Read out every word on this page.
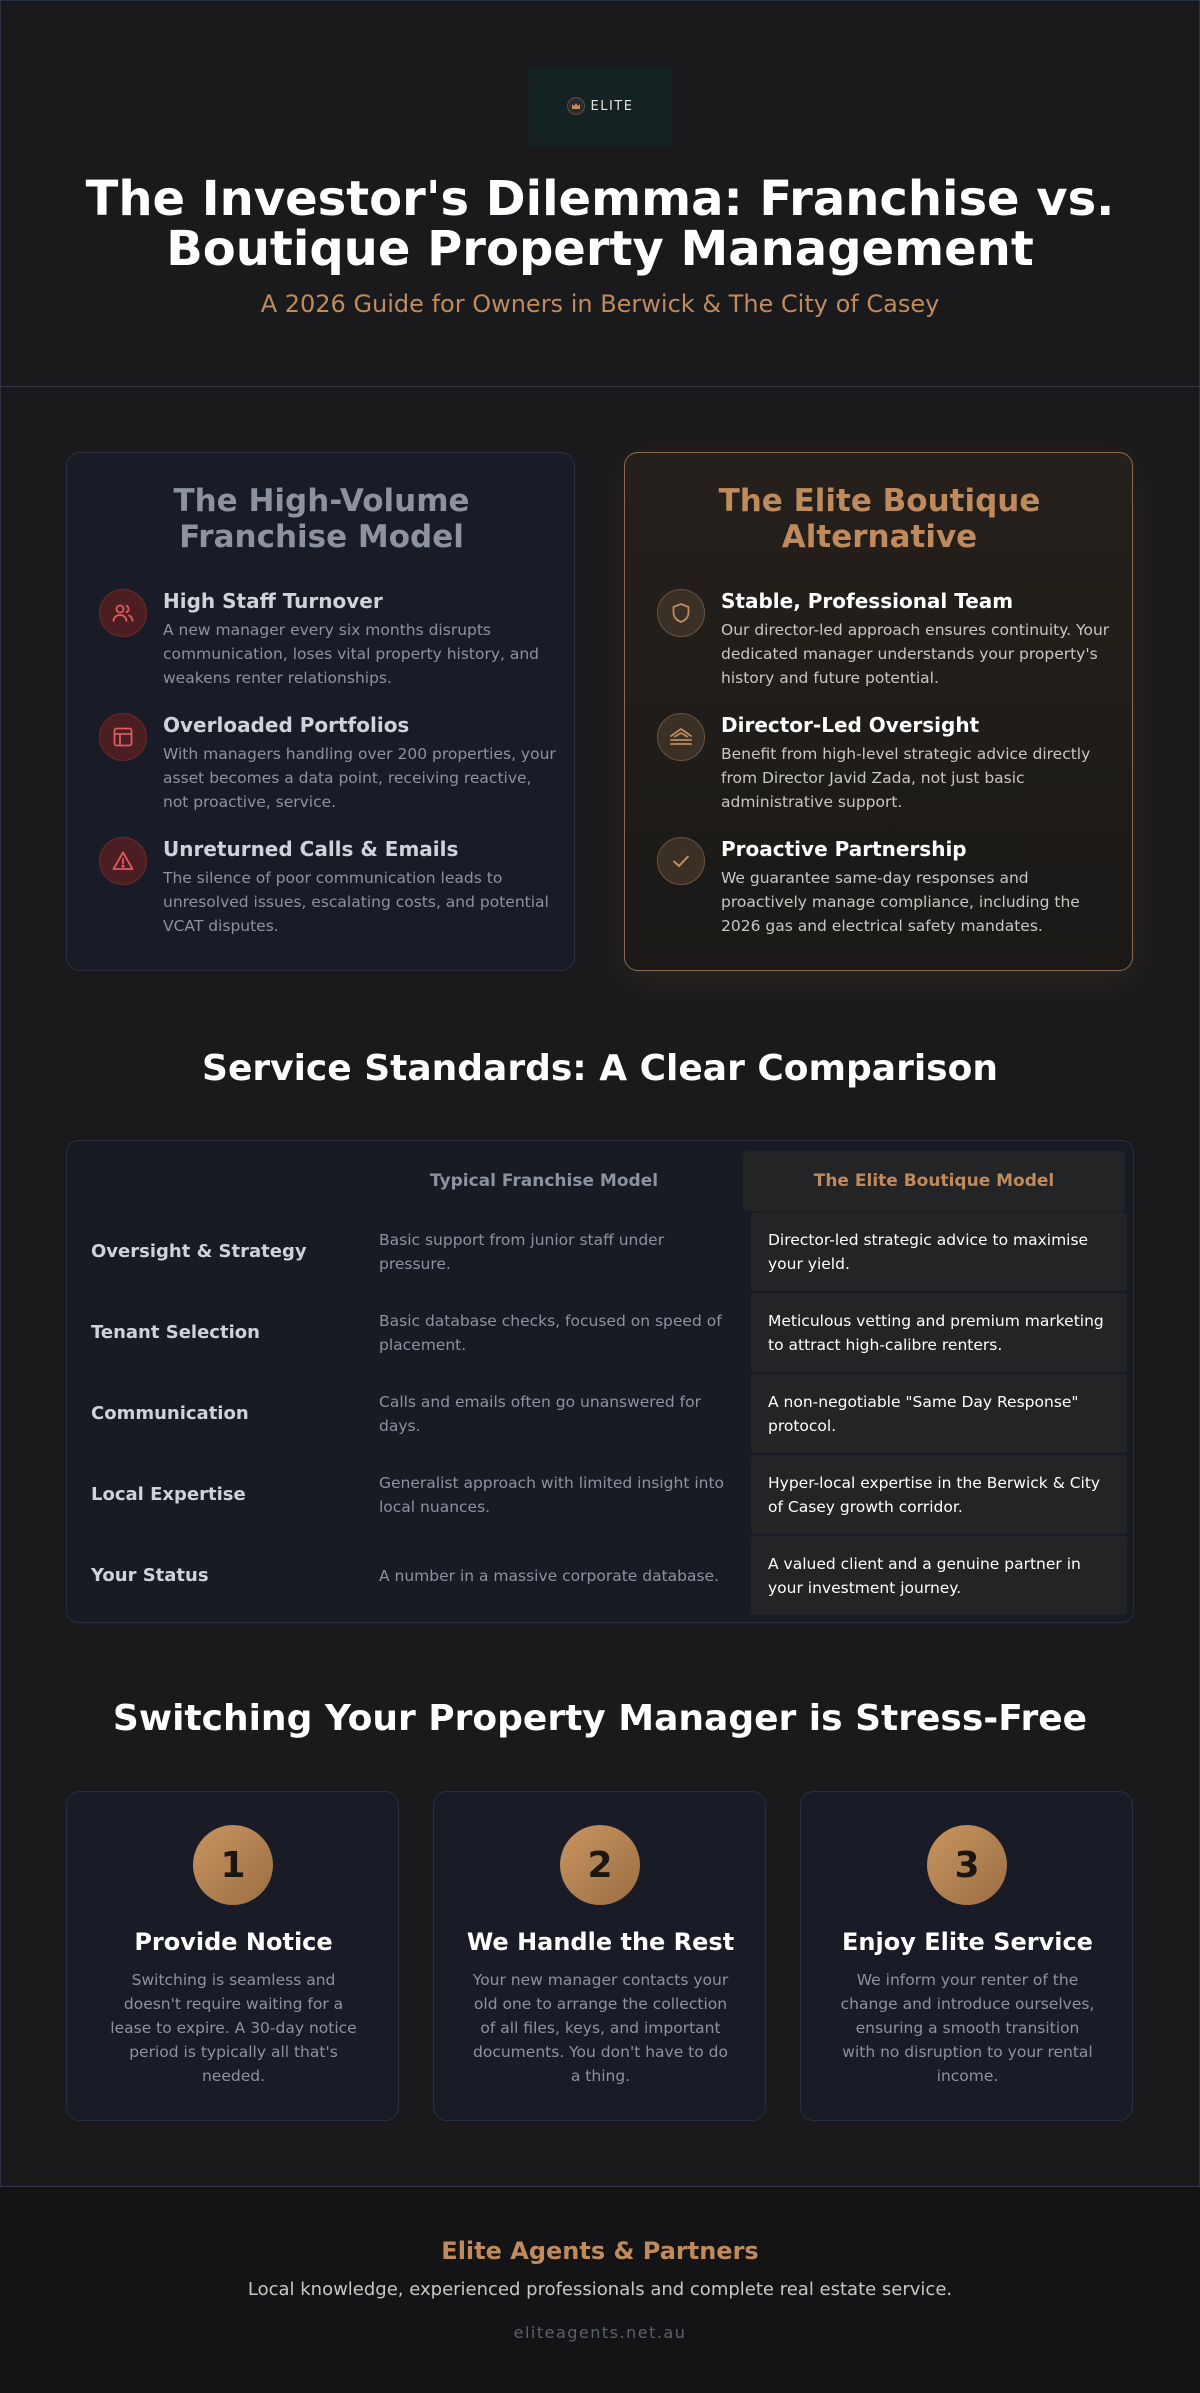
ELITE
The Investor's Dilemma: Franchise vs. Boutique Property Management
A 2026 Guide for Owners in Berwick & The City of Casey
The High-Volume Franchise Model
High Staff Turnover
A new manager every six months disrupts communication, loses vital property history, and weakens renter relationships.
Overloaded Portfolios
With managers handling over 200 properties, your asset becomes a data point, receiving reactive, not proactive, service.
Unreturned Calls & Emails
The silence of poor communication leads to unresolved issues, escalating costs, and potential VCAT disputes.
The Elite Boutique Alternative
Stable, Professional Team
Our director-led approach ensures continuity. Your dedicated manager understands your property's history and future potential.
Director-Led Oversight
Benefit from high-level strategic advice directly from Director Javid Zada, not just basic administrative support.
Proactive Partnership
We guarantee same-day responses and proactively manage compliance, including the 2026 gas and electrical safety mandates.
Service Standards: A Clear Comparison
Typical Franchise Model	The Elite Boutique Model
Oversight & Strategy
Basic support from junior staff under pressure.
Director-led strategic advice to maximise your yield.
Tenant Selection
Basic database checks, focused on speed of placement.
Meticulous vetting and premium marketing to attract high-calibre renters.
Communication
Calls and emails often go unanswered for days.
A non-negotiable "Same Day Response" protocol.
Local Expertise
Generalist approach with limited insight into local nuances.
Hyper-local expertise in the Berwick & City of Casey growth corridor.
Your Status	A number in a massive corporate database.
A valued client and a genuine partner in your investment journey.
Switching Your Property Manager is Stress-Free
1
Provide Notice
Switching is seamless and doesn't require waiting for a lease to expire. A 30-day notice period is typically all that's needed.
2
We Handle the Rest
Your new manager contacts your old one to arrange the collection of all files, keys, and important documents. You don't have to do a thing.
3
Enjoy Elite Service
We inform your renter of the change and introduce ourselves, ensuring a smooth transition with no disruption to your rental income.
Elite Agents & Partners
Local knowledge, experienced professionals and complete real estate service.
eliteagents.net.au
